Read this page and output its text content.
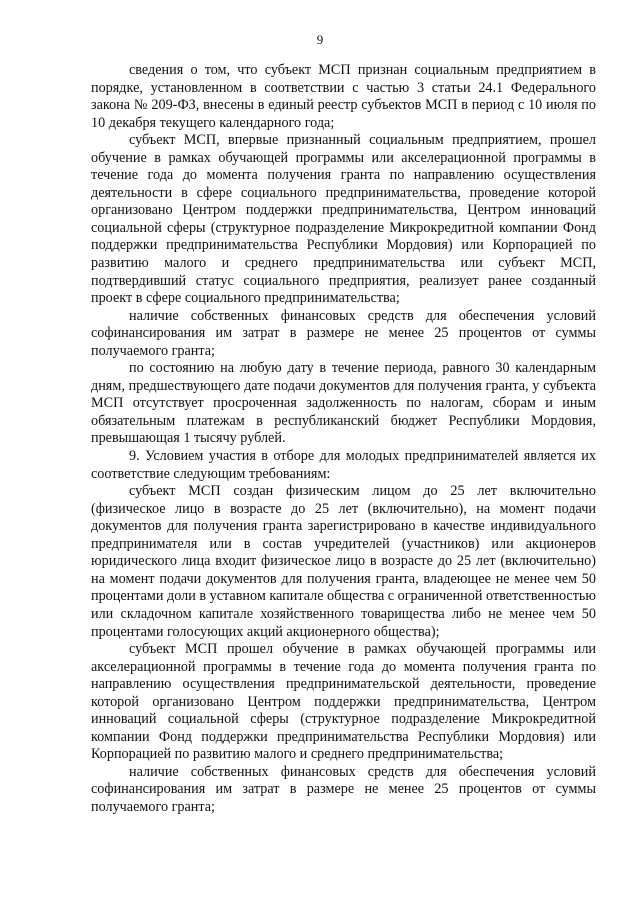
9

сведения о том, что субъект МСП признан социальным предприятием в порядке, установленном в соответствии с частью 3 статьи 24.1 Федерального закона № 209-ФЗ, внесены в единый реестр субъектов МСП в период с 10 июля по 10 декабря текущего календарного года;

субъект МСП, впервые признанный социальным предприятием, прошел обучение в рамках обучающей программы или акселерационной программы в течение года до момента получения гранта по направлению осуществления деятельности в сфере социального предпринимательства, проведение которой организовано Центром поддержки предпринимательства, Центром инноваций социальной сферы (структурное подразделение Микрокредитной компании Фонд поддержки предпринимательства Республики Мордовия) или Корпорацией по развитию малого и среднего предпринимательства или субъект МСП, подтвердивший статус социального предприятия, реализует ранее созданный проект в сфере социального предпринимательства;

наличие собственных финансовых средств для обеспечения условий софинансирования им затрат в размере не менее 25 процентов от суммы получаемого гранта;

по состоянию на любую дату в течение периода, равного 30 календарным дням, предшествующего дате подачи документов для получения гранта, у субъекта МСП отсутствует просроченная задолженность по налогам, сборам и иным обязательным платежам в республиканский бюджет Республики Мордовия, превышающая 1 тысячу рублей.

9. Условием участия в отборе для молодых предпринимателей является их соответствие следующим требованиям:

субъект МСП создан физическим лицом до 25 лет включительно (физическое лицо в возрасте до 25 лет (включительно), на момент подачи документов для получения гранта зарегистрировано в качестве индивидуального предпринимателя или в состав учредителей (участников) или акционеров юридического лица входит физическое лицо в возрасте до 25 лет (включительно) на момент подачи документов для получения гранта, владеющее не менее чем 50 процентами доли в уставном капитале общества с ограниченной ответственностью или складочном капитале хозяйственного товарищества либо не менее чем 50 процентами голосующих акций акционерного общества);

субъект МСП прошел обучение в рамках обучающей программы или акселерационной программы в течение года до момента получения гранта по направлению осуществления предпринимательской деятельности, проведение которой организовано Центром поддержки предпринимательства, Центром инноваций социальной сферы (структурное подразделение Микрокредитной компании Фонд поддержки предпринимательства Республики Мордовия) или Корпорацией по развитию малого и среднего предпринимательства;

наличие собственных финансовых средств для обеспечения условий софинансирования им затрат в размере не менее 25 процентов от суммы получаемого гранта;
